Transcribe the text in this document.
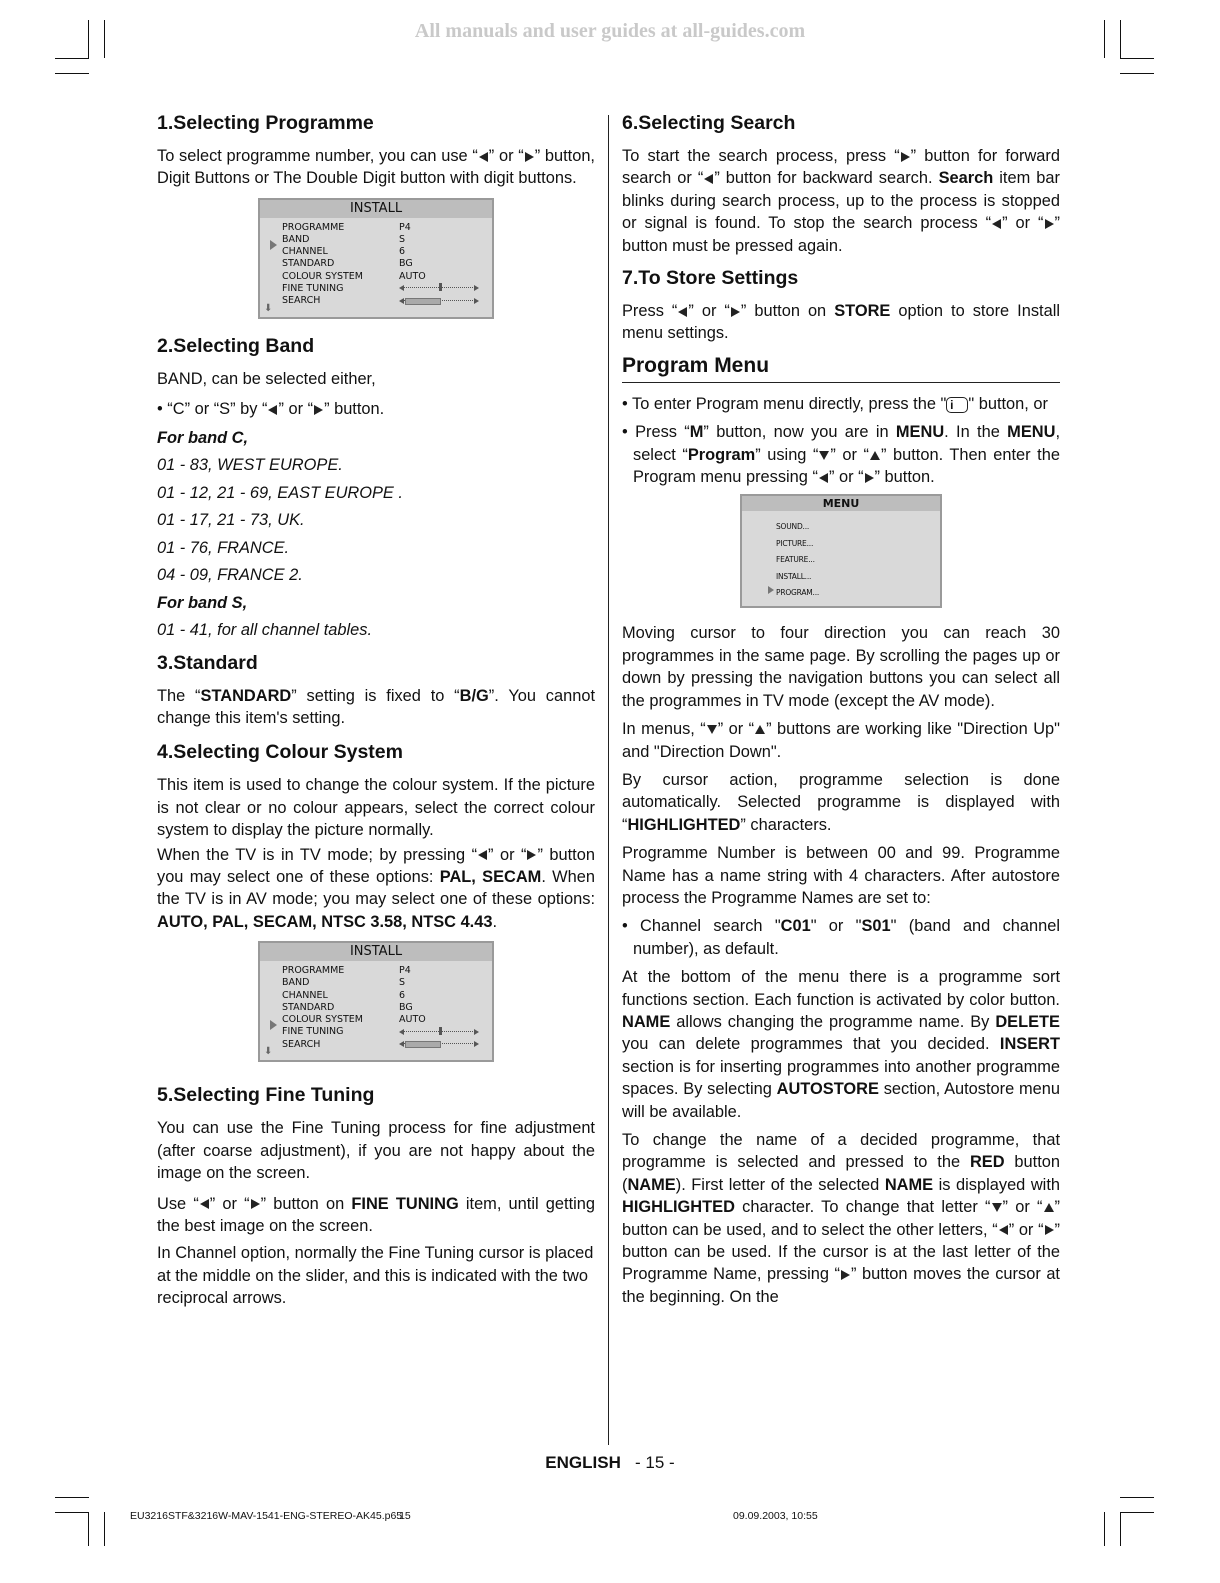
All manuals and user guides at all-guides.com
1.Selecting Programme

To select programme number, you can use “ ” or “ ” button, Digit Buttons or The Double Digit button with digit buttons.

INSTALL
PROGRAMME	P4
BAND	S
CHANNEL	6
STANDARD	BG
COLOUR SYSTEM	AUTO
FINE TUNING	

SEARCH	
⬇
2.Selecting Band

BAND, can be selected either,

• “C” or “S” by “ ” or “ ” button.

For band C,

01 - 83, WEST EUROPE.

01 - 12, 21 - 69, EAST EUROPE .

01 - 17, 21 - 73, UK.

01 - 76, FRANCE.

04 - 09, FRANCE 2.

For band S,

01 - 41, for all channel tables.

3.Standard

The “STANDARD” setting is fixed to “B/G”. You cannot change this item's setting.

4.Selecting Colour System

This item is used to change the colour system. If the picture is not clear or no colour appears, select the correct colour system to display the picture normally.

When the TV is in TV mode; by pressing “ ” or “ ” button you may select one of these options: PAL, SECAM. When the TV is in AV mode; you may select one of these options: AUTO, PAL, SECAM, NTSC 3.58, NTSC 4.43.

INSTALL
PROGRAMME	P4
BAND	S
CHANNEL	6
STANDARD	BG
COLOUR SYSTEM	AUTO
FINE TUNING	

SEARCH	
⬇
5.Selecting Fine Tuning

You can use the Fine Tuning process for fine adjustment (after coarse adjustment), if you are not happy about the image on the screen.

Use “ ” or “ ” button on FINE TUNING item, until getting the best image on the screen.

In Channel option, normally the Fine Tuning cursor is placed at the middle on the slider, and this is indicated with the two reciprocal arrows.

6.Selecting Search

To start the search process, press “ ” button for forward search or “ ” button for backward search. Search item bar blinks during search process, up to the process is stopped or signal is found. To stop the search process “ ” or “ ” button must be pressed again.

7.To Store Settings

Press “ ” or “ ” button on STORE option to store Install menu settings.

Program Menu

• To enter Program menu directly, press the " i " button, or

• Press “M” button, now you are in MENU. In the MENU, select “Program” using “ ” or “ ” button. Then enter the Program menu pressing “ ” or “ ” button.

MENU
SOUND...
PICTURE...
FEATURE...
INSTALL...
PROGRAM...

Moving cursor to four direction you can reach 30 programmes in the same page. By scrolling the pages up or down by pressing the navigation buttons you can select all the programmes in TV mode (except the AV mode).

In menus, “ ” or “ ” buttons are working like "Direction Up" and "Direction Down".

By cursor action, programme selection is done automatically. Selected programme is displayed with “HIGHLIGHTED” characters.

Programme Number is between 00 and 99. Programme Name has a name string with 4 characters. After autostore process the Programme Names are set to:

• Channel search "C01" or "S01" (band and channel number), as default.

At the bottom of the menu there is a programme sort functions section. Each function is activated by color button. NAME allows changing the programme name. By DELETE you can delete programmes that you decided. INSERT section is for inserting programmes into another programme spaces. By selecting AUTOSTORE section, Autostore menu will be available.

To change the name of a decided programme, that programme is selected and pressed to the RED button (NAME). First letter of the selected NAME is displayed with HIGHLIGHTED character. To change that letter “ ” or “ ” button can be used, and to select the other letters, “ ” or “ ” button can be used. If the cursor is at the last letter of the Programme Name, pressing “ ” button moves the cursor at the beginning. On the

ENGLISH - 15 -
EU3216STF&3216W-MAV-1541-ENG-STEREO-AK45.p65 15	09.09.2003, 10:55
